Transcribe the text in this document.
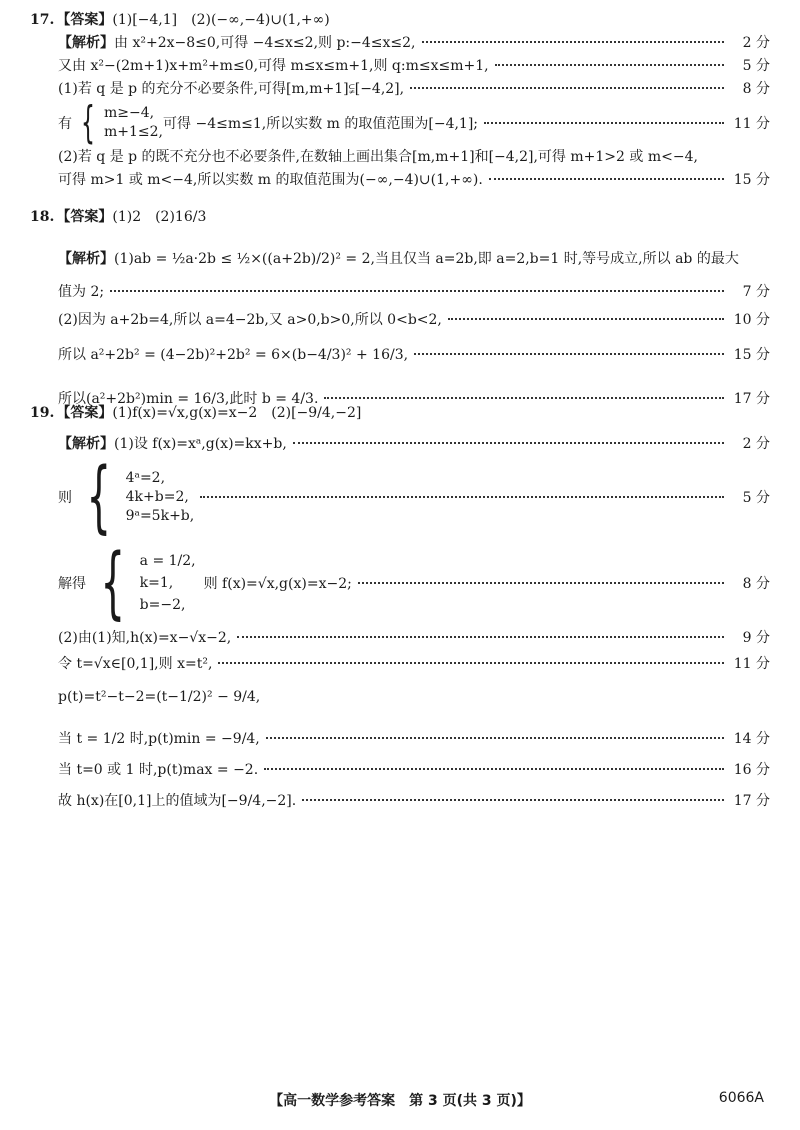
17. 【答案】 (1)[−4,1]　(2)(−∞,−4)∪(1,+∞)
【解析】 由 x²+2x−8≤0,可得 −4≤x≤2,则 p:−4≤x≤2,	2 分
又由 x²−(2m+1)x+m²+m≤0,可得 m≤x≤m+1,则 q:m≤x≤m+1,	5 分
(1)若 q 是 p 的充分不必要条件,可得[m,m+1]⫋[−4,2],	8 分
有 { m≥−4,
m+1≤2, 可得 −4≤m≤1,所以实数 m 的取值范围为[−4,1];	11 分
(2)若 q 是 p 的既不充分也不必要条件,在数轴上画出集合[m,m+1]和[−4,2],可得 m+1>2 或 m<−4,
可得 m>1 或 m<−4,所以实数 m 的取值范围为(−∞,−4)∪(1,+∞).	15 分
18. 【答案】 (1)2　(2)16/3
【解析】 (1)ab = ½a·2b ≤ ½×((a+2b)/2)² = 2,当且仅当 a=2b,即 a=2,b=1 时,等号成立,所以 ab 的最大
值为 2;	7 分
(2)因为 a+2b=4,所以 a=4−2b,又 a>0,b>0,所以 0<b<2,	10 分
所以 a²+2b² = (4−2b)²+2b² = 6×(b−4/3)² + 16/3,	15 分
所以(a²+2b²)min = 16/3,此时 b = 4/3.	17 分
19. 【答案】 (1)f(x)=√x,g(x)=x−2　(2)[−9/4,−2]
【解析】 (1)设 f(x)=xᵃ,g(x)=kx+b,	2 分
则 { 4ᵃ=2,
4k+b=2,
9ᵃ=5k+b,
5 分
解得 { a = 1/2,
k=1,
b=−2,
则 f(x)=√x,g(x)=x−2;	8 分
(2)由(1)知,h(x)=x−√x−2,	9 分
令 t=√x∈[0,1],则 x=t²,	11 分
p(t)=t²−t−2=(t−1/2)² − 9/4,
当 t = 1/2 时,p(t)min = −9/4,	14 分
当 t=0 或 1 时,p(t)max = −2.	16 分
故 h(x)在[0,1]上的值域为[−9/4,−2].	17 分
【高一数学参考答案　第 3 页(共 3 页)】	6066A
